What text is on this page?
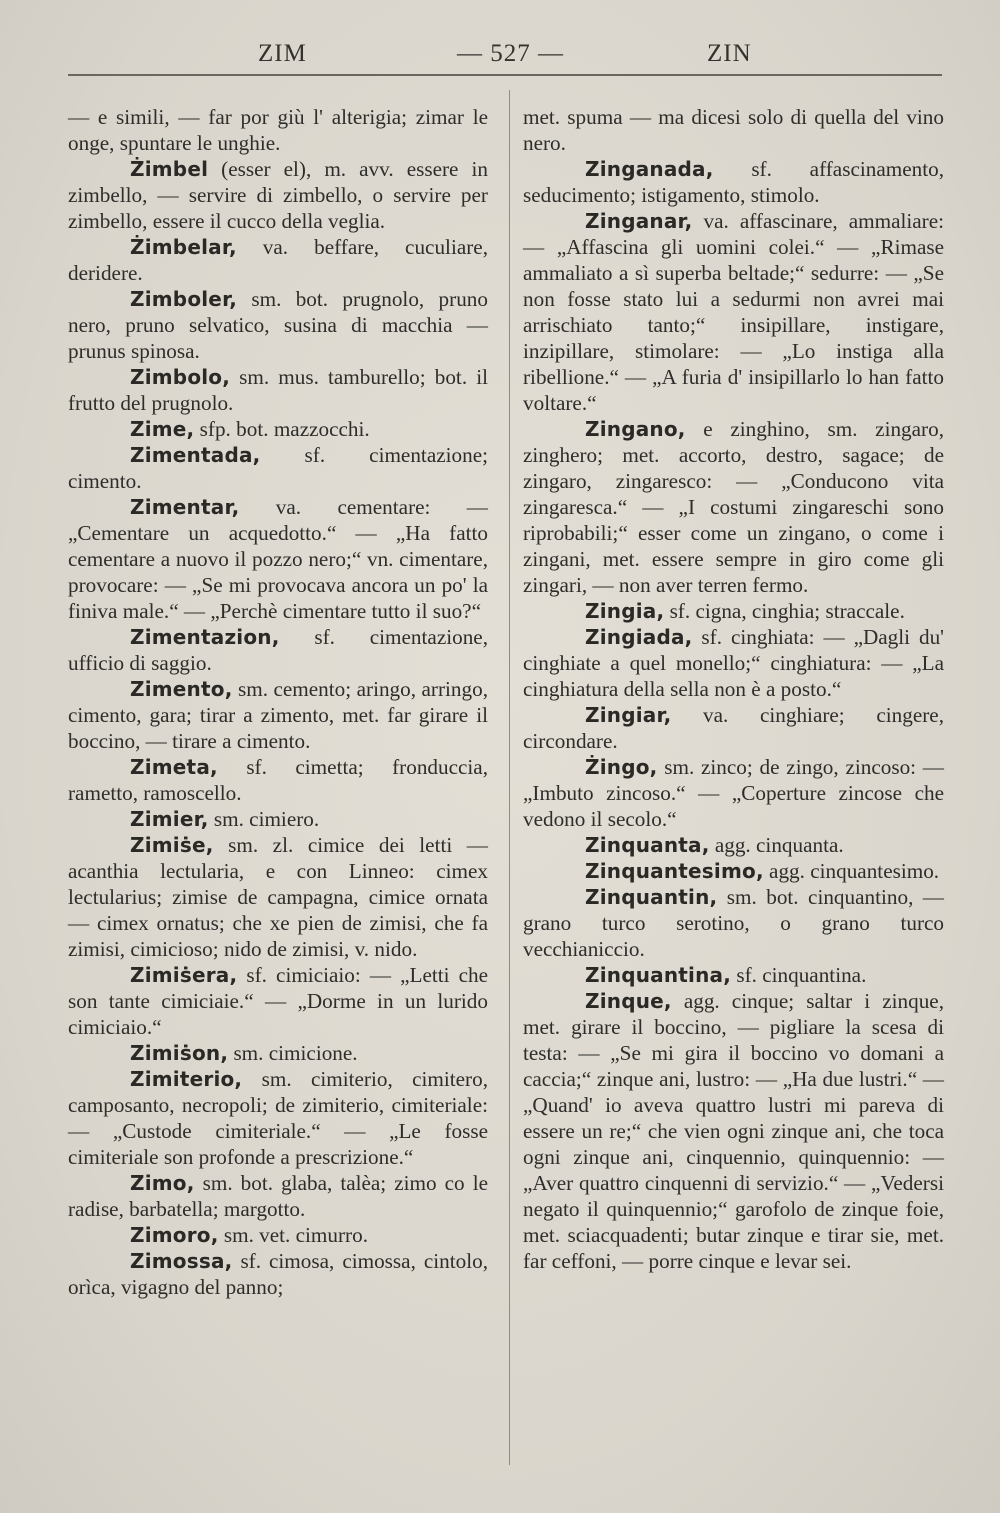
ZIM	— 527 —	ZIN
— e simili, — far por giù l' alterigia; zimar le onge, spuntare le unghie.
Żimbel (esser el), m. avv. essere in zimbello, — servire di zimbello, o servire per zimbello, essere il cucco della veglia.
Żimbelar, va. beffare, cuculiare, deridere.
Zimboler, sm. bot. prugnolo, pruno nero, pruno selvatico, susina di macchia — prunus spinosa.
Zimbolo, sm. mus. tamburello; bot. il frutto del prugnolo.
Zime, sfp. bot. mazzocchi.
Zimentada, sf. cimentazione; cimento.
Zimentar, va. cementare: — „Cementare un acquedotto.“ — „Ha fatto cementare a nuovo il pozzo nero;“ vn. cimentare, provocare: — „Se mi provocava ancora un po' la finiva male.“ — „Perchè cimentare tutto il suo?“
Zimentazion, sf. cimentazione, ufficio di saggio.
Zimento, sm. cemento; aringo, arringo, cimento, gara; tirar a zimento, met. far girare il boccino, — tirare a cimento.
Zimeta, sf. cimetta; fronduccia, rametto, ramoscello.
Zimier, sm. cimiero.
Zimiṡe, sm. zl. cimice dei letti — acanthia lectularia, e con Linneo: cimex lectularius; zimise de campagna, cimice ornata — cimex ornatus; che xe pien de zimisi, che fa zimisi, cimicioso; nido de zimisi, v. nido.
Zimiṡera, sf. cimiciaio: — „Letti che son tante cimiciaie.“ — „Dorme in un lurido cimiciaio.“
Zimiṡon, sm. cimicione.
Zimiterio, sm. cimiterio, cimitero, camposanto, necropoli; de zimiterio, cimiteriale: — „Custode cimiteriale.“ — „Le fosse cimiteriale son profonde a prescrizione.“
Zimo, sm. bot. glaba, talèa; zimo co le radise, barbatella; margotto.
Zimoro, sm. vet. cimurro.
Zimossa, sf. cimosa, cimossa, cintolo, orìca, vigagno del panno;
met. spuma — ma dicesi solo di quella del vino nero.
Zinganada, sf. affascinamento, seducimento; istigamento, stimolo.
Zinganar, va. affascinare, ammaliare: — „Affascina gli uomini colei.“ — „Rimase ammaliato a sì superba beltade;“ sedurre: — „Se non fosse stato lui a sedurmi non avrei mai arrischiato tanto;“ insipillare, instigare, inzipillare, stimolare: — „Lo instiga alla ribellione.“ — „A furia d' insipillarlo lo han fatto voltare.“
Zingano, e zinghino, sm. zingaro, zinghero; met. accorto, destro, sagace; de zingaro, zingaresco: — „Conducono vita zingaresca.“ — „I costumi zingareschi sono riprobabili;“ esser come un zingano, o come i zingani, met. essere sempre in giro come gli zingari, — non aver terren fermo.
Zingia, sf. cigna, cinghia; straccale.
Zingiada, sf. cinghiata: — „Dagli du' cinghiate a quel monello;“ cinghiatura: — „La cinghiatura della sella non è a posto.“
Zingiar, va. cinghiare; cingere, circondare.
Żingo, sm. zinco; de zingo, zincoso: — „Imbuto zincoso.“ — „Coperture zincose che vedono il secolo.“
Zinquanta, agg. cinquanta.
Zinquantesimo, agg. cinquantesimo.
Zinquantin, sm. bot. cinquantino, — grano turco serotino, o grano turco vecchianiccio.
Zinquantina, sf. cinquantina.
Zinque, agg. cinque; saltar i zinque, met. girare il boccino, — pigliare la scesa di testa: — „Se mi gira il boccino vo domani a caccia;“ zinque ani, lustro: — „Ha due lustri.“ — „Quand' io aveva quattro lustri mi pareva di essere un re;“ che vien ogni zinque ani, che toca ogni zinque ani, cinquennio, quinquennio: — „Aver quattro cinquenni di servizio.“ — „Vedersi negato il quinquennio;“ garofolo de zinque foie, met. sciacquadenti; butar zinque e tirar sie, met. far ceffoni, — porre cinque e levar sei.
